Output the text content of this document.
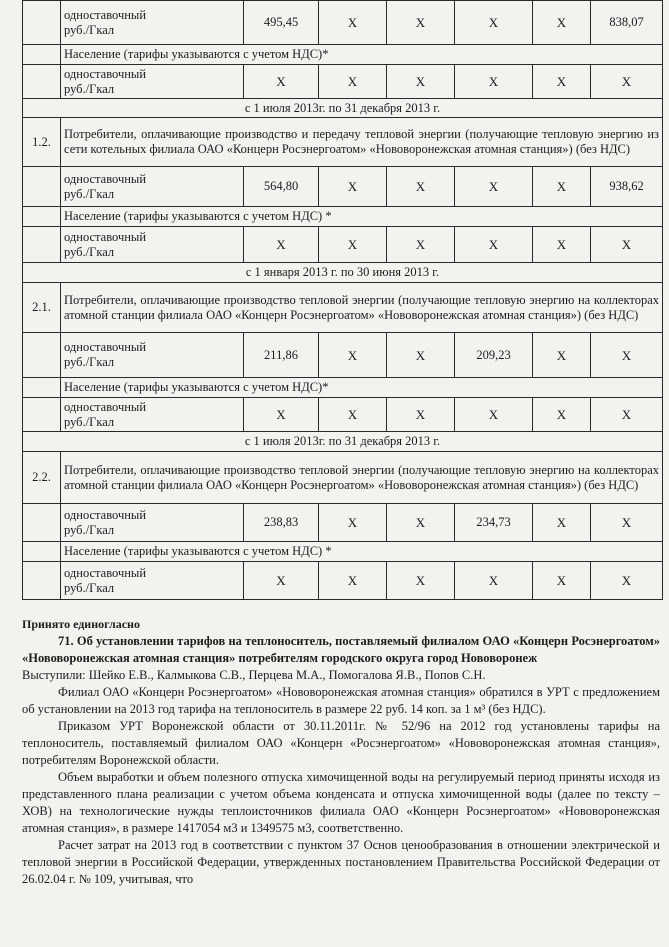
	одноставочный
руб./Гкал	495,45	X	X	X	X	838,07
	Население (тарифы указываются с учетом НДС)*						

	одноставочный
руб./Гкал	X	X	X	X	X	X
с 1 июля 2013г. по 31 декабря 2013 г.							
1.2.	Потребители, оплачивающие производство и передачу тепловой энергии (получающие тепловую энергию из сети котельных филиала ОАО «Концерн Росэнергоатом» «Нововоронежская атомная станция») (без НДС)						

	одноставочный
руб./Гкал	564,80	X	X	X	X	938,62
	Население (тарифы указываются с учетом НДС) *						

	одноставочный
руб./Гкал	X	X	X	X	X	X
с 1 января 2013 г. по 30 июня 2013 г.							
2.1.	Потребители, оплачивающие производство тепловой энергии (получающие тепловую энергию на коллекторах атомной станции филиала ОАО «Концерн Росэнергоатом» «Нововоронежская атомная станция») (без НДС)						

	одноставочный
руб./Гкал	211,86	X	X	209,23	X	X
	Население (тарифы указываются с учетом НДС)*						

	одноставочный
руб./Гкал	X	X	X	X	X	X
с 1 июля 2013г. по 31 декабря 2013 г.							
2.2.	Потребители, оплачивающие производство тепловой энергии (получающие тепловую энергию на коллекторах атомной станции филиала ОАО «Концерн Росэнергоатом» «Нововоронежская атомная станция») (без НДС)						

	одноставочный
руб./Гкал	238,83	X	X	234,73	X	X
	Население (тарифы указываются с учетом НДС) *						

	одноставочный
руб./Гкал	X	X	X	X	X	X

Принято единогласно

71. Об установлении тарифов на теплоноситель, поставляемый филиалом ОАО «Концерн Росэнергоатом» «Нововоронежская атомная станция» потребителям городского округа город Нововоронеж

Выступили: Шейко Е.В., Калмыкова С.В., Перцева М.А., Помогалова Я.В., Попов С.Н.

Филиал ОАО «Концерн Росэнергоатом» «Нововоронежская атомная станция» обратился в УРТ с предложением об установлении на 2013 год тарифа на теплоноситель в размере 22 руб. 14 коп. за 1 м³ (без НДС).

Приказом УРТ Воронежской области от 30.11.2011г. № 52/96 на 2012 год установлены тарифы на теплоноситель, поставляемый филиалом ОАО «Концерн «Росэнергоатом» «Нововоронежская атомная станция», потребителям Воронежской области.

Объем выработки и объем полезного отпуска химочищенной воды на регулируемый период приняты исходя из представленного плана реализации с учетом объема конденсата и отпуска химочищенной воды (далее по тексту – ХОВ) на технологические нужды теплоисточников филиала ОАО «Концерн Росэнергоатом» «Нововоронежская атомная станция», в размере 1417054 м3 и 1349575 м3, соответственно.

Расчет затрат на 2013 год в соответствии с пунктом 37 Основ ценообразования в отношении электрической и тепловой энергии в Российской Федерации, утвержденных постановлением Правительства Российской Федерации от 26.02.04 г. № 109, учитывая, что
